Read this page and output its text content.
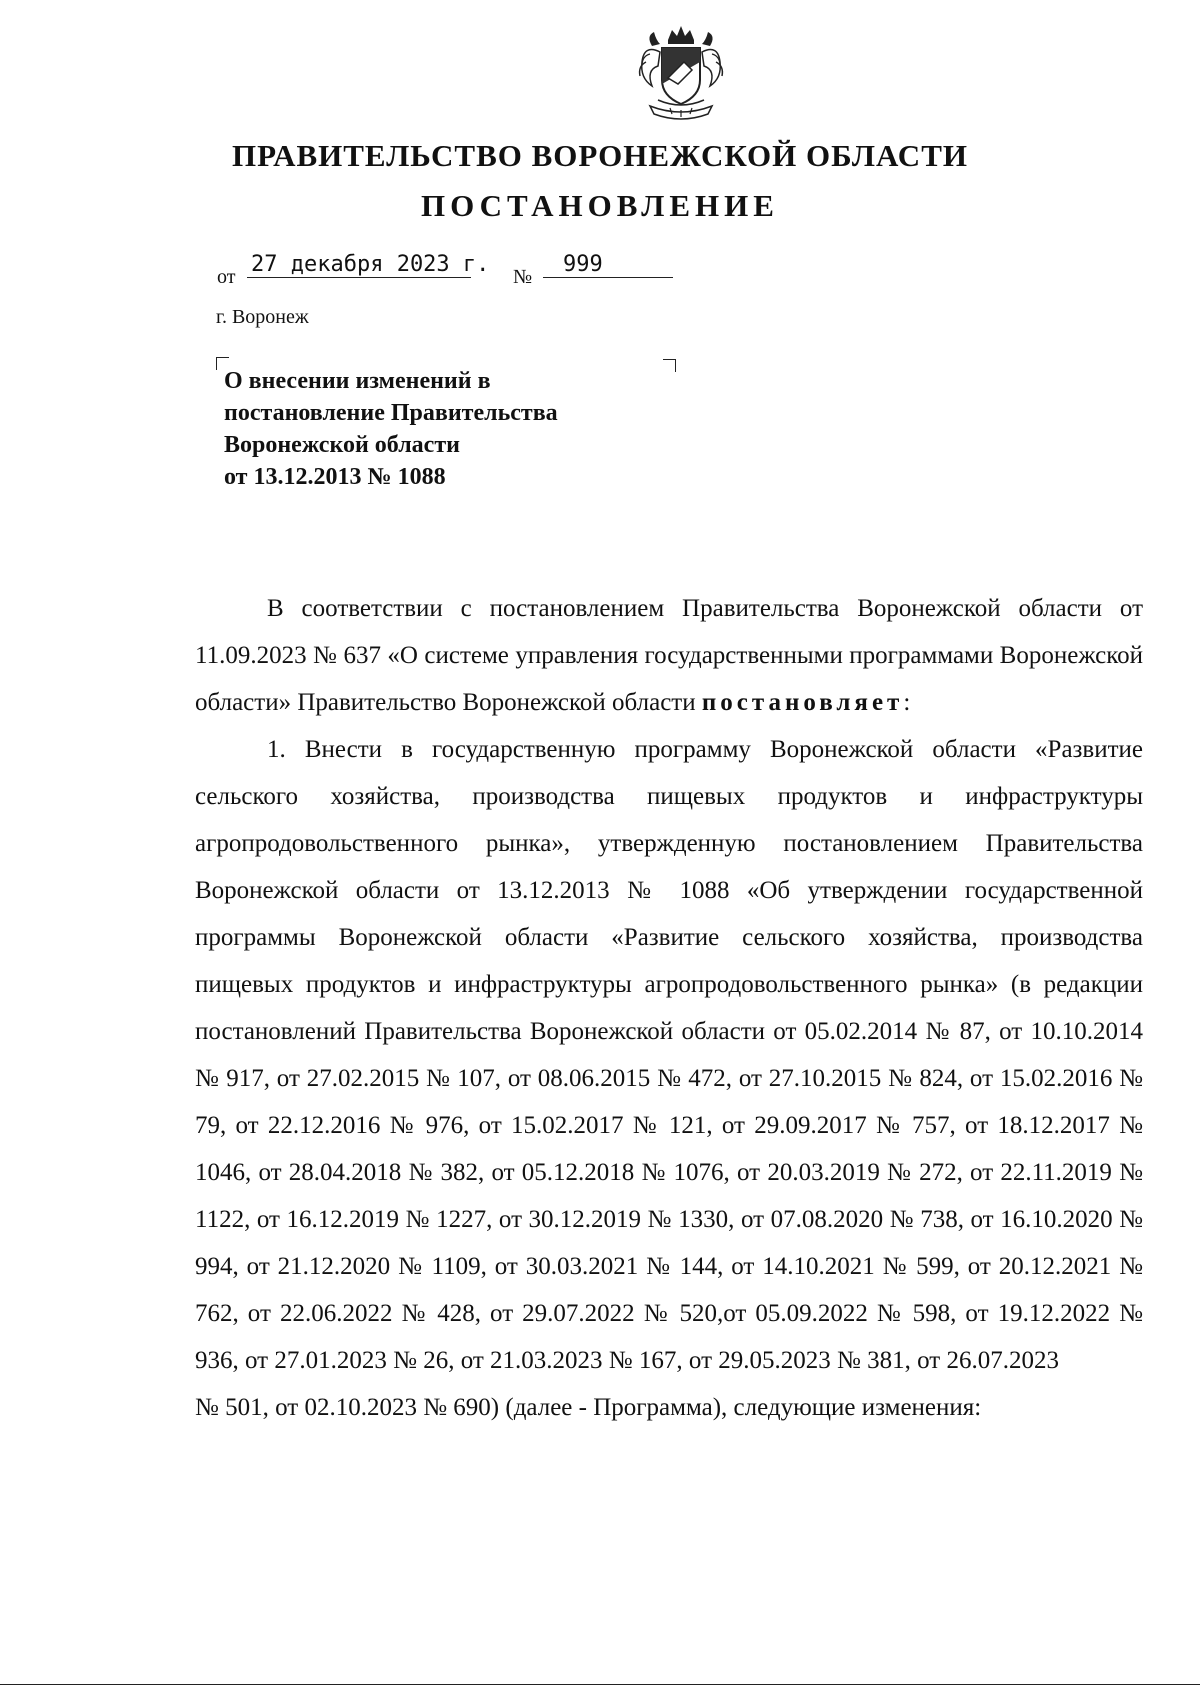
ПРАВИТЕЛЬСТВО ВОРОНЕЖСКОЙ ОБЛАСТИ
ПОСТАНОВЛЕНИЕ
от 27 декабря 2023 г. №	999

г. Воронеж

О внесении изменений в
постановление Правительства
Воронежской области
от 13.12.2013 № 1088

В соответствии с постановлением Правительства Воронежской области от 11.09.2023 № 637 «О системе управления государственными программами Воронежской области» Правительство Воронежской области постановляет:

1. Внести в государственную программу Воронежской области «Развитие сельского хозяйства, производства пищевых продуктов и инфраструктуры агропродовольственного рынка», утвержденную постановлением Правительства Воронежской области от 13.12.2013 № 1088 «Об утверждении государственной программы Воронежской области «Развитие сельского хозяйства, производства пищевых продуктов и инфраструктуры агропродовольственного рынка» (в редакции постановлений Правительства Воронежской области от 05.02.2014 № 87, от 10.10.2014 № 917, от 27.02.2015 № 107, от 08.06.2015 № 472, от 27.10.2015 № 824, от 15.02.2016 № 79, от 22.12.2016 № 976, от 15.02.2017 № 121, от 29.09.2017 № 757, от 18.12.2017 № 1046, от 28.04.2018 № 382, от 05.12.2018 № 1076, от 20.03.2019 № 272, от 22.11.2019 № 1122, от 16.12.2019 № 1227, от 30.12.2019 № 1330, от 07.08.2020 № 738, от 16.10.2020 № 994, от 21.12.2020 № 1109, от 30.03.2021 № 144, от 14.10.2021 № 599, от 20.12.2021 № 762, от 22.06.2022 № 428, от 29.07.2022 № 520,от 05.09.2022 № 598, от 19.12.2022 № 936, от 27.01.2023 № 26, от 21.03.2023 № 167, от 29.05.2023 № 381, от 26.07.2023

№ 501, от 02.10.2023 № 690) (далее - Программа), следующие изменения:
